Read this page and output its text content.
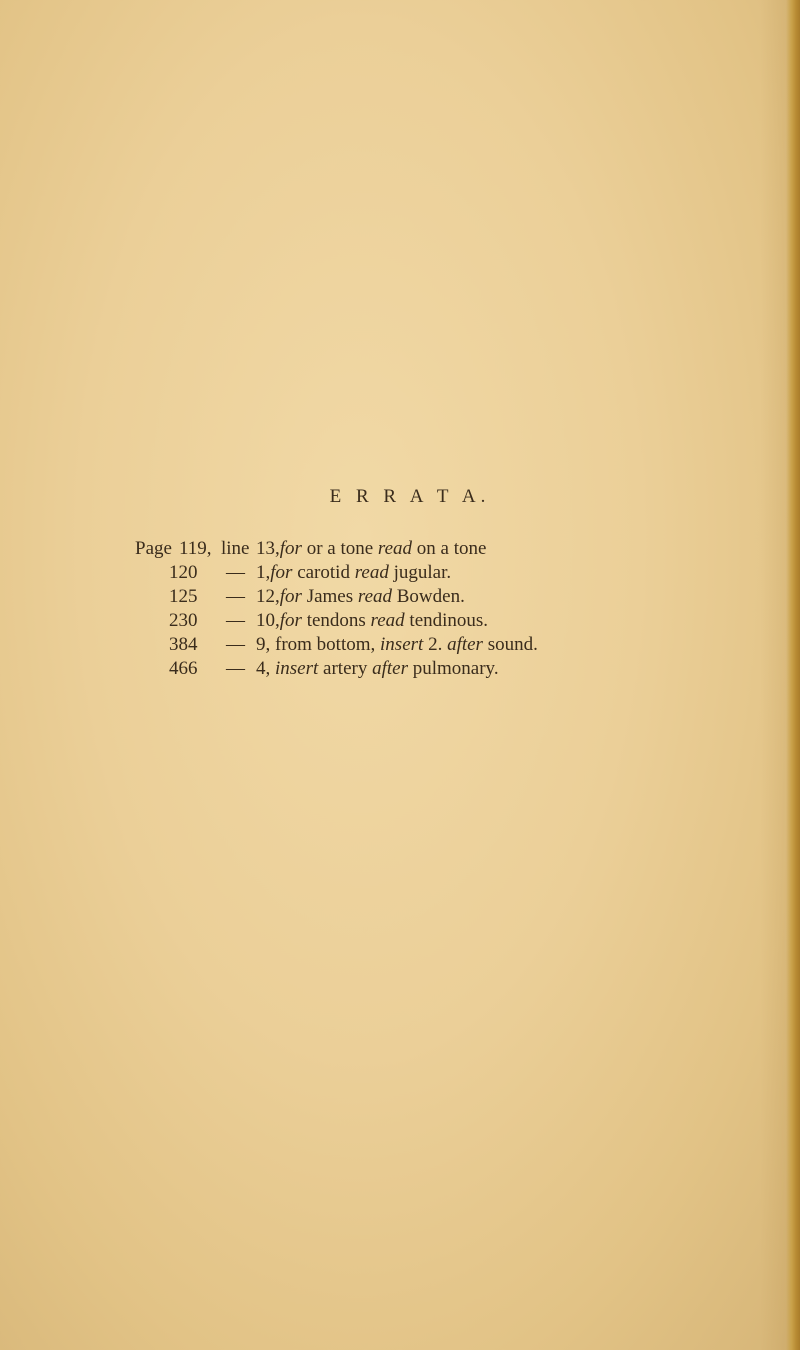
E R R A T A.
Page 119, line 13,for or a tone read on a tone
120 — 1,for carotid read jugular.
125 — 12,for James read Bowden.
230 — 10,for tendons read tendinous.
384 — 9, from bottom, insert 2. after sound.
466 — 4, insert artery after pulmonary.
